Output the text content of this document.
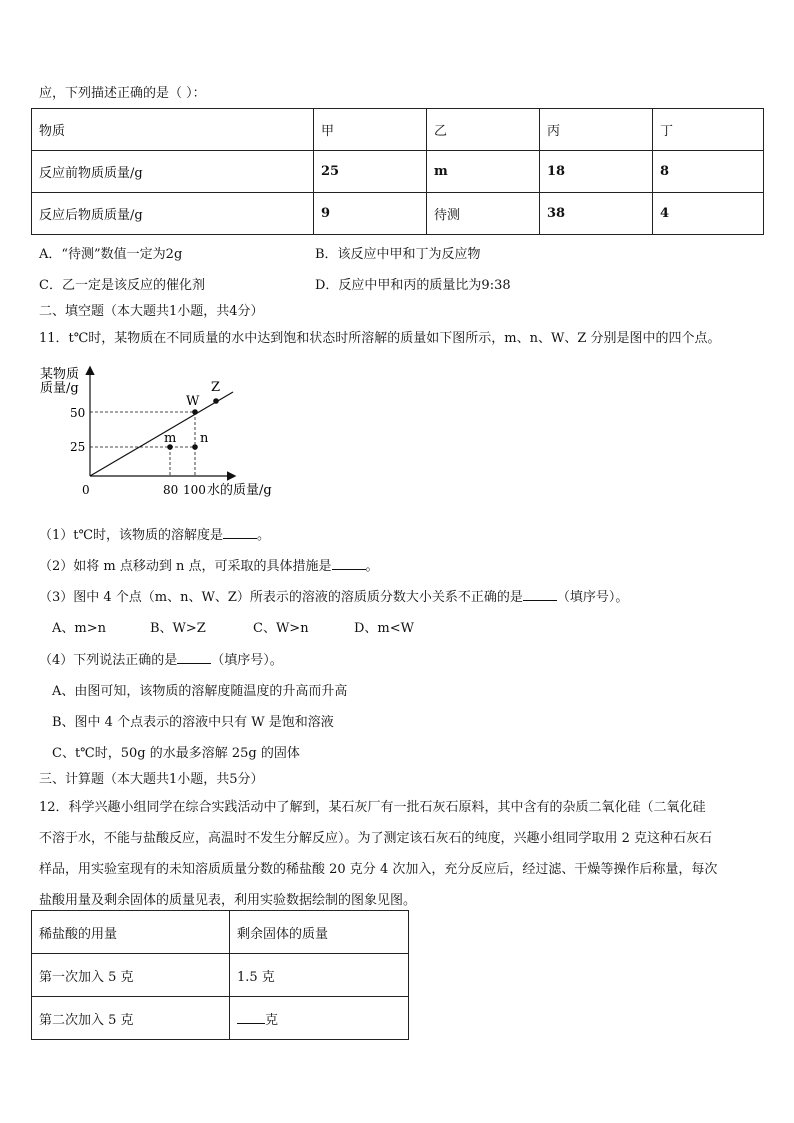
应，下列描述正确的是（ ）：
物质	甲	乙	丙	丁
反应前物质质量/g	25	m	18	8
反应后物质质量/g	9	待测	38	4
A．“待测”数值一定为2g	B．该反应中甲和丁为反应物
C．乙一定是该反应的催化剂	D．反应中甲和丙的质量比为9:38
二、填空题（本大题共1小题，共4分）
11．t℃时，某物质在不同质量的水中达到饱和状态时所溶解的质量如下图所示，m、n、W、Z 分别是图中的四个点。
某物质
质量/g
50
25
0	80 100 水的质量/g
W
Z
m n
（1）t℃时，该物质的溶解度是	。
（2）如将 m 点移动到 n 点，可采取的具体措施是	。
（3）图中 4 个点（m、n、W、Z）所表示的溶液的溶质质分数大小关系不正确的是	（填序号）。
A、m>n	B、W>Z	C、W>n	D、m<W
（4）下列说法正确的是	（填序号）。
A、由图可知，该物质的溶解度随温度的升高而升高
B、图中 4 个点表示的溶液中只有 W 是饱和溶液
C、t℃时，50g 的水最多溶解 25g 的固体
三、计算题（本大题共1小题，共5分）
12．科学兴趣小组同学在综合实践活动中了解到，某石灰厂有一批石灰石原料，其中含有的杂质二氧化硅（二氧化硅
不溶于水，不能与盐酸反应，高温时不发生分解反应）。为了测定该石灰石的纯度，兴趣小组同学取用 2 克这种石灰石
样品，用实验室现有的未知溶质质量分数的稀盐酸 20 克分 4 次加入，充分反应后，经过滤、干燥等操作后称量，每次
盐酸用量及剩余固体的质量见表，利用实验数据绘制的图象见图。
稀盐酸的用量	剩余固体的质量
第一次加入 5 克	1.5 克
第二次加入 5 克	克
